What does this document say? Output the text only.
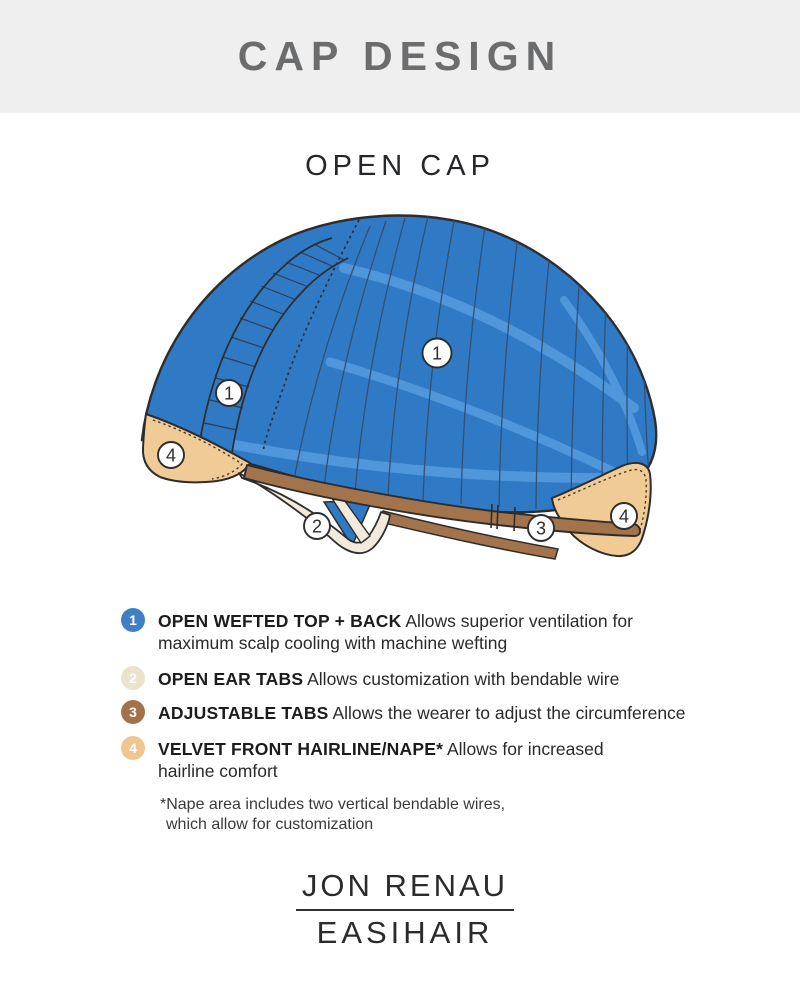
CAP DESIGN
OPEN CAP
1
1
4
2	3
4
1	OPEN WEFTED TOP + BACK Allows superior ventilation for maximum scalp cooling with machine wefting
2	OPEN EAR TABS Allows customization with bendable wire
3	ADJUSTABLE TABS Allows the wearer to adjust the circumference
4	VELVET FRONT HAIRLINE/NAPE* Allows for increased hairline comfort
*Nape area includes two vertical bendable wires,
which allow for customization
JON RENAU
EASIHAIR
